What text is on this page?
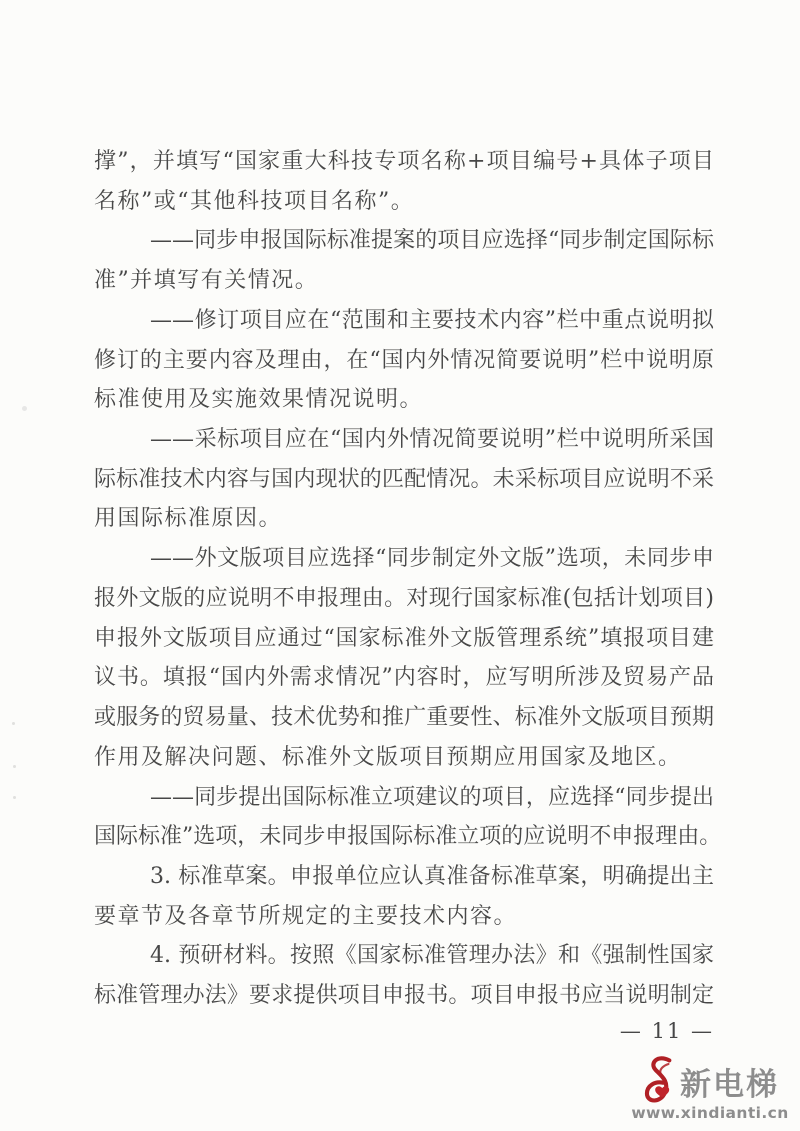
撑”，并填写“国家重大科技专项名称+项目编号+具体子项目
名称”或“其他科技项目名称”。
——同步申报国际标准提案的项目应选择“同步制定国际标
准”并填写有关情况。
——修订项目应在“范围和主要技术内容”栏中重点说明拟
修订的主要内容及理由，在“国内外情况简要说明”栏中说明原
标准使用及实施效果情况说明。
——采标项目应在“国内外情况简要说明”栏中说明所采国
际标准技术内容与国内现状的匹配情况。未采标项目应说明不采
用国际标准原因。
——外文版项目应选择“同步制定外文版”选项，未同步申
报外文版的应说明不申报理由。对现行国家标准(包括计划项目)
申报外文版项目应通过“国家标准外文版管理系统”填报项目建
议书。填报“国内外需求情况”内容时，应写明所涉及贸易产品
或服务的贸易量、技术优势和推广重要性、标准外文版项目预期
作用及解决问题、标准外文版项目预期应用国家及地区。
——同步提出国际标准立项建议的项目，应选择“同步提出
国际标准”选项，未同步申报国际标准立项的应说明不申报理由。
3. 标准草案。申报单位应认真准备标准草案，明确提出主
要章节及各章节所规定的主要技术内容。
4. 预研材料。按照《国家标准管理办法》和《强制性国家
标准管理办法》要求提供项目申报书。项目申报书应当说明制定
— 11 —
新电梯
www.xindianti.cn
